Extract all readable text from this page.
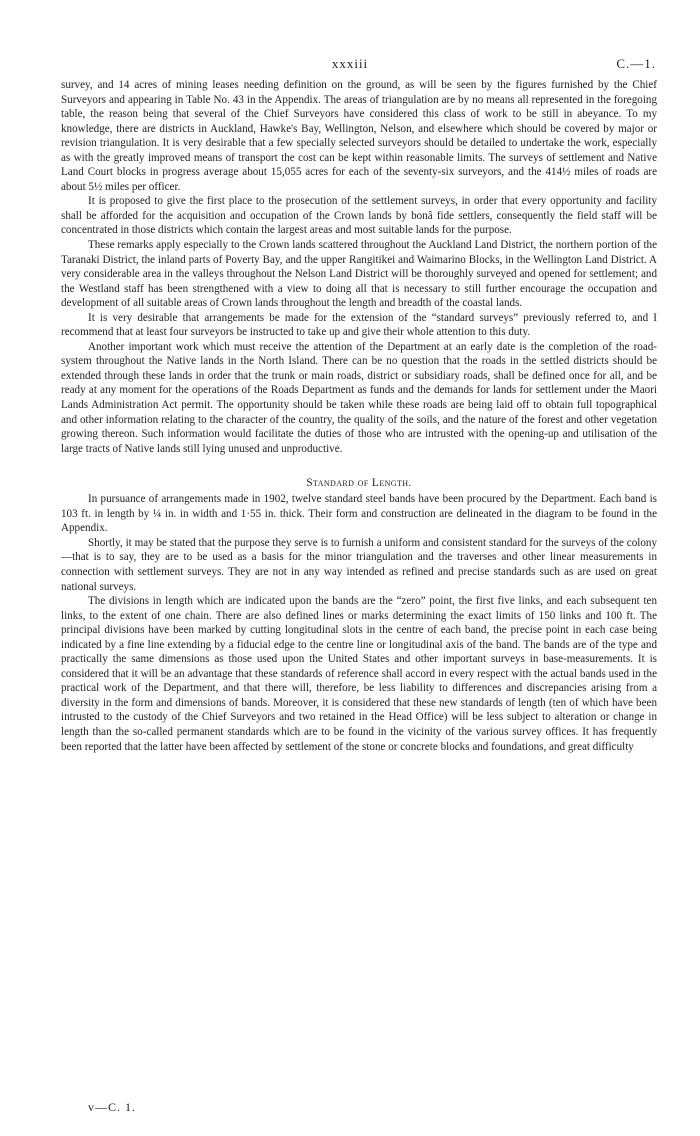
xxxiii	C.—1.

survey, and 14 acres of mining leases needing definition on the ground, as will be seen by the figures furnished by the Chief Surveyors and appearing in Table No. 43 in the Appendix. The areas of triangulation are by no means all represented in the foregoing table, the reason being that several of the Chief Surveyors have considered this class of work to be still in abeyance. To my knowledge, there are districts in Auckland, Hawke's Bay, Wellington, Nelson, and elsewhere which should be covered by major or revision triangulation. It is very desirable that a few specially selected surveyors should be detailed to undertake the work, especially as with the greatly improved means of transport the cost can be kept within reasonable limits. The surveys of settlement and Native Land Court blocks in progress average about 15,055 acres for each of the seventy-six surveyors, and the 414½ miles of roads are about 5½ miles per officer.

It is proposed to give the first place to the prosecution of the settlement surveys, in order that every opportunity and facility shall be afforded for the acquisition and occupation of the Crown lands by bonâ fide settlers, consequently the field staff will be concentrated in those districts which contain the largest areas and most suitable lands for the purpose.

These remarks apply especially to the Crown lands scattered throughout the Auckland Land District, the northern portion of the Taranaki District, the inland parts of Poverty Bay, and the upper Rangitikei and Waimarino Blocks, in the Wellington Land District. A very considerable area in the valleys throughout the Nelson Land District will be thoroughly surveyed and opened for settlement; and the Westland staff has been strengthened with a view to doing all that is necessary to still further encourage the occupation and development of all suitable areas of Crown lands throughout the length and breadth of the coastal lands.

It is very desirable that arrangements be made for the extension of the “standard surveys” previously referred to, and I recommend that at least four surveyors be instructed to take up and give their whole attention to this duty.

Another important work which must receive the attention of the Department at an early date is the completion of the road-system throughout the Native lands in the North Island. There can be no question that the roads in the settled districts should be extended through these lands in order that the trunk or main roads, district or subsidiary roads, shall be defined once for all, and be ready at any moment for the operations of the Roads Department as funds and the demands for lands for settlement under the Maori Lands Administration Act permit. The opportunity should be taken while these roads are being laid off to obtain full topographical and other information relating to the character of the country, the quality of the soils, and the nature of the forest and other vegetation growing thereon. Such information would facilitate the duties of those who are intrusted with the opening-up and utilisation of the large tracts of Native lands still lying unused and unproductive.

Standard of Length.

In pursuance of arrangements made in 1902, twelve standard steel bands have been procured by the Department. Each band is 103 ft. in length by ¼ in. in width and 1·55 in. thick. Their form and construction are delineated in the diagram to be found in the Appendix.

Shortly, it may be stated that the purpose they serve is to furnish a uniform and consistent standard for the surveys of the colony—that is to say, they are to be used as a basis for the minor triangulation and the traverses and other linear measurements in connection with settlement surveys. They are not in any way intended as refined and precise standards such as are used on great national surveys.

The divisions in length which are indicated upon the bands are the “zero” point, the first five links, and each subsequent ten links, to the extent of one chain. There are also defined lines or marks determining the exact limits of 150 links and 100 ft. The principal divisions have been marked by cutting longitudinal slots in the centre of each band, the precise point in each case being indicated by a fine line extending by a fiducial edge to the centre line or longitudinal axis of the band. The bands are of the type and practically the same dimensions as those used upon the United States and other important surveys in base-measurements. It is considered that it will be an advantage that these standards of reference shall accord in every respect with the actual bands used in the practical work of the Department, and that there will, therefore, be less liability to differences and discrepancies arising from a diversity in the form and dimensions of bands. Moreover, it is considered that these new standards of length (ten of which have been intrusted to the custody of the Chief Surveyors and two retained in the Head Office) will be less subject to alteration or change in length than the so-called permanent standards which are to be found in the vicinity of the various survey offices. It has frequently been reported that the latter have been affected by settlement of the stone or concrete blocks and foundations, and great difficulty

v—C. 1.
